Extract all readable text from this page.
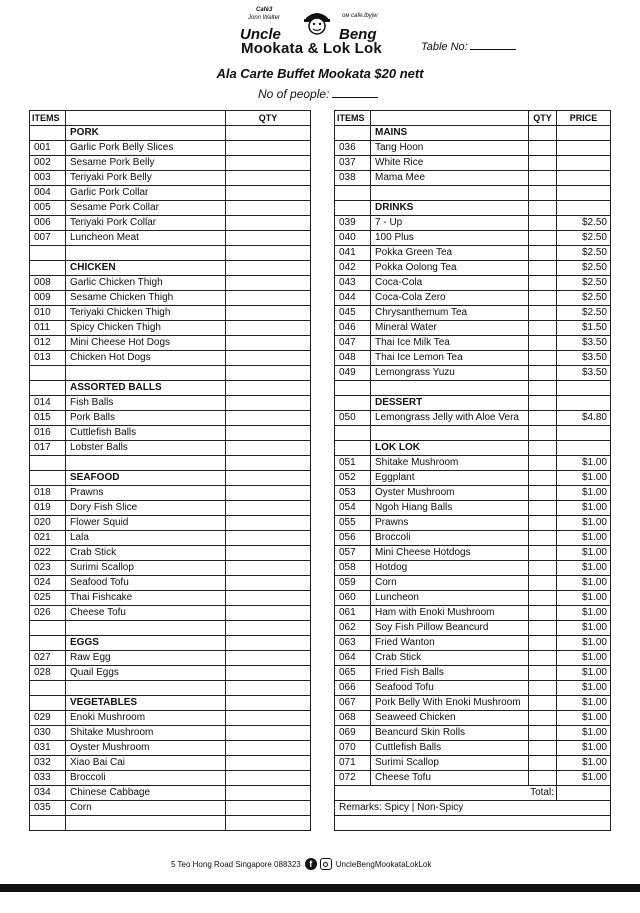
Café3
Jonn Walter	ᴏᴍ cafe.lbyjw
Uncle	Beng
Mookata & Lok Lok	Table No:
Ala Carte Buffet Mookata $20 nett
No of people:
ITEMS		QTY
	PORK	
001	Garlic Pork Belly Slices	
002	Sesame Pork Belly	
003	Teriyaki Pork Belly	
004	Garlic Pork Collar	
005	Sesame Pork Collar	
006	Teriyaki Pork Collar	
007	Luncheon Meat	

	CHICKEN	
008	Garlic Chicken Thigh	
009	Sesame Chicken Thigh	
010	Teriyaki Chicken Thigh	
011	Spicy Chicken Thigh	
012	Mini Cheese Hot Dogs	
013	Chicken Hot Dogs	

	ASSORTED BALLS	
014	Fish Balls	
015	Pork Balls	
016	Cuttlefish Balls	
017	Lobster Balls	

	SEAFOOD	
018	Prawns	
019	Dory Fish Slice	
020	Flower Squid	
021	Lala	
022	Crab Stick	
023	Surimi Scallop	
024	Seafood Tofu	
025	Thai Fishcake	
026	Cheese Tofu	

	EGGS	
027	Raw Egg	
028	Quail Eggs	

	VEGETABLES	
029	Enoki Mushroom	
030	Shitake Mushroom	
031	Oyster Mushroom	
032	Xiao Bai Cai	
033	Broccoli	
034	Chinese Cabbage	
035	Corn	

ITEMS		QTY	PRICE
	MAINS		
036	Tang Hoon		
037	White Rice		
038	Mama Mee		

	DRINKS		
039	7 - Up		$2.50
040	100 Plus		$2.50
041	Pokka Green Tea		$2.50
042	Pokka Oolong Tea		$2.50
043	Coca-Cola		$2.50
044	Coca-Cola Zero		$2.50
045	Chrysanthemum Tea		$2.50
046	Mineral Water		$1.50
047	Thai Ice Milk Tea		$3.50
048	Thai Ice Lemon Tea		$3.50
049	Lemongrass Yuzu		$3.50

	DESSERT		
050	Lemongrass Jelly with Aloe Vera		$4.80

	LOK LOK		
051	Shitake Mushroom		$1.00
052	Eggplant		$1.00
053	Oyster Mushroom		$1.00
054	Ngoh Hiang Balls		$1.00
055	Prawns		$1.00
056	Broccoli		$1.00
057	Mini Cheese Hotdogs		$1.00
058	Hotdog		$1.00
059	Corn		$1.00
060	Luncheon		$1.00
061	Ham with Enoki Mushroom		$1.00
062	Soy Fish Pillow Beancurd		$1.00
063	Fried Wanton		$1.00
064	Crab Stick		$1.00
065	Fried Fish Balls		$1.00
066	Seafood Tofu		$1.00
067	Pork Belly With Enoki Mushroom		$1.00
068	Seaweed Chicken		$1.00
069	Beancurd Skin Rolls		$1.00
070	Cuttlefish Balls		$1.00
071	Surimi Scallop		$1.00
072	Cheese Tofu		$1.00
Total:			
Remarks: Spicy | Non-Spicy			

5 Teo Hong Road Singapore 088323 f	UncleBengMookataLokLok
